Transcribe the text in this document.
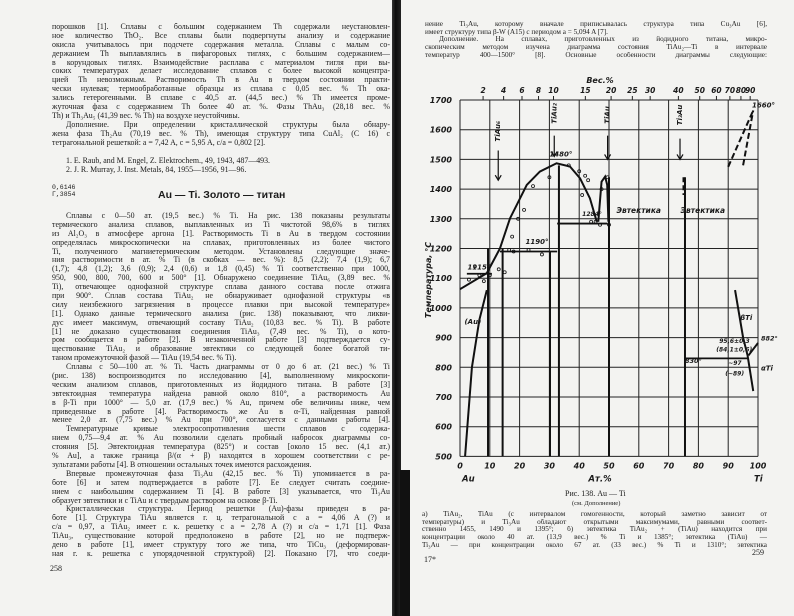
порошков [1]. Сплавы с большим содержанием Th содержали неустановлен-
ное количество ThO₂. Все сплавы были подвергнуты анализу и содержание
окисла учитывалось при подсчете содержания металла. Сплавы с малым со-
держанием Th выплавлялись в пифагоровых тиглях, с большим содержанием—
в корундовых тиглях. Взаимодействие расплава с материалом тигля при вы-
соких температурах делает исследование сплавов с более высокой концентра-
цией Th невозможным. Растворимость Th в Au в твердом состоянии практи-
чески нулевая; термообработанные образцы из сплава с 0,05 вес. % Th ока-
зались гетерогенными. В сплаве с 40,5 ат. (44,5 вес.) % Th имеется проме-
жуточная фаза с содержанием Th более 40 ат. %. Фазы ThAu₃ (28,18 вес. %
Th) и Th₃Au₅ (41,39 вес. % Th) на воздухе неустойчивы.
Дополнение. При определении кристаллической структуры была обнару-
жена фаза Th₂Au (70,19 вес. % Th), имеющая структуру типа CuAl₂ (C 16) с
тетрагональной решеткой: a = 7,42 A, c = 5,95 A, c/a = 0,802 [2].
1. E. Raub, and M. Engel, Z. Elektrochem., 49, 1943, 487—493.
2. J. R. Murray, J. Inst. Metals, 84, 1955—1956, 91—96.
0,6146
Γ,3854	Au — Ti. Золото — титан
Сплавы с 0—50 ат. (19,5 вес.) % Ti. На рис. 138 показаны результаты
термического анализа сплавов, выплавленных из Ti чистотой 98,6% в тиглях
из Al₂O₃ в атмосфере аргона [1]. Растворимость Ti в Au в твердом состоянии
определялась микроскопически на сплавах, приготовленных из более чистого
Ti, полученного магниетермическим методом. Установлены следующие значе-
ния растворимости в ат. % Ti (в скобках — вес. %): 8,5 (2,2); 7,4 (1,9); 6,7
(1,7); 4,8 (1,2); 3,6 (0,9); 2,4 (0,6) и 1,8 (0,45) % Ti соответственно при 1000,
950, 900, 800, 700, 600 и 500° [1]. Обнаружено соединение TiAu₆ (3,89 вес. %
Ti), отвечающее однофазной структуре сплава данного состава после отжига
при 900°. Сплав состава TiAu₂ не обнаруживает однофазной структуры «в
силу неизбежного загрязнения в процессе плавки при высокой температуре»
[1]. Однако данные термического анализа (рис. 138) показывают, что ликви-
дус имеет максимум, отвечающий составу TiAu₂ (10,83 вес. % Ti). В работе
[1] не доказано существования соединения TiAu₃ (7,49 вес. % Ti), о кото-
ром сообщается в работе [2]. В незаконченной работе [3] подтверждается су-
ществование TiAu₂ и образование эвтектики со следующей более богатой ти-
таном промежуточной фазой — TiAu (19,54 вес. % Ti).
Сплавы с 50—100 ат. % Ti. Часть диаграммы от 0 до 6 ат. (21 вес.) % Ti
(рис. 138) воспроизводится по исследованию [4], выполненному микроскопи-
ческим анализом сплавов, приготовленных из йодидного титана. В работе [3]
эвтектоидная температура найдена равной около 810°, а растворимость Au
в β-Ti при 1000° — 5,0 ат. (17,9 вес.) % Au, причем обе величины ниже, чем
приведенные в работе [4]. Растворимость же Au в α-Ti, найденная равной
менее 2,0 ат. (7,75 вес.) % Au при 700°, согласуется с данными работы [4].
Температурные кривые электросопротивления шести сплавов с содержа-
нием 0,75—9,4 ат. % Au позволили сделать пробный набросок диаграммы со-
стояния [5]. Эвтектоидная температура (825°) и состав [около 15 вес. (4,1 ат.)
% Au], а также граница β/(α + β) находятся в хорошем соответствии с ре-
зультатами работы [4]. В отношении остальных точек имеются расхождения.
Впервые промежуточная фаза Ti₃Au (42,15 вес. % Ti) упоминается в ра-
боте [6] и затем подтверждается в работе [7]. Ее следует считать соедине-
нием с наибольшим содержанием Ti [4]. В работе [3] указывается, что Ti₃Au
образует эвтектики и с TiAu и с твердым раствором на основе β-Ti.
Кристаллическая структура. Период решетки (Au)-фазы приведен в ра-
боте [1]. Структура TiAu является г. ц. тетрагональной с a = 4,06 A (?) и
c/a = 0,97, а TiAu₂ имеет г. к. решетку с a = 2,78 A (?) и c/a = 1,71 [1]. Фаза
TiAu₃, существование которой предположено в работе [2], но не подтверж-
дено в работе [1], имеет структуру того же типа, что TiCu₃ (деформирован-
ная г. к. решетка с упорядоченной структурой) [2]. Показано [7], что соеди-
258
нение Ti₃Au, которому вначале приписывалась структура типа Cu₃Au [6],
имеет структуру типа β-W (A15) с периодом a = 5,094 A [7].
Дополнение. На сплавах, приготовленных из йодидного титана, микро-
скопическим методом изучена диаграмма состояния TiAu₂—Ti в интервале
температур 400—1500° [8]. Основные особенности диаграммы следующие:
Рис. 138. Au — Ti
(см. Дополнение)
а) TiAu₂, TiAu (с интервалом гомогенности, который заметно зависит от
температуры) и Ti₃Au обладают открытыми максимумами, равными соответ-
ственно 1455, 1490 и 1395°; б) эвтектика TiAu₂ + (TiAu) находится при
концентрации около 40 ат. (13,9 вес.) % Ti и 1385°; эвтектика (TiAu) —
Ti₃Au — при концентрации около 67 ат. (33 вес.) % Ti и 1310°; эвтектика
259
17*
500
600
700
800
900
1000
1100
1200
1300
1400
1500
1600
1700
0	10 20 30 40 50 60 70 80 90 100
2 4 6 8 10	15 20 25 30 40 50 60 70 80
90
Ат.%
Вес.%
Au	Ti
Температура, °C
TiAu₆
TiAu₂	TiAu	Ti₃Au
1480°
1284°
1190°
1115°
1660°
Эвтектика	Эвтектика
(Au)
βTi
αTi
830°
882°
95,6±0,3
(84,1±0,6)
~97
(~89)
